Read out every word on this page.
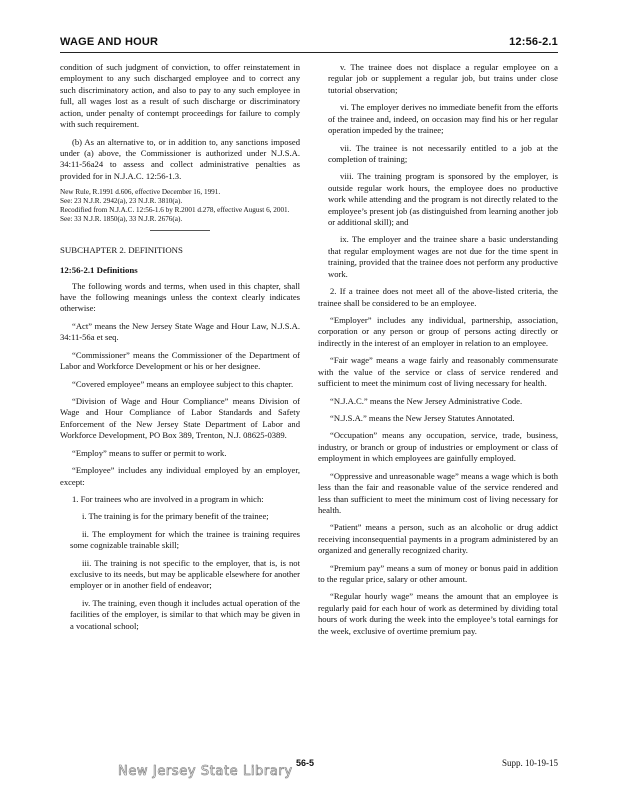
WAGE AND HOUR	12:56-2.1

condition of such judgment of conviction, to offer reinstatement in employment to any such discharged employee and to correct any such discriminatory action, and also to pay to any such employee in full, all wages lost as a result of such discharge or discriminatory action, under penalty of contempt proceedings for failure to comply with such requirement.

(b) As an alternative to, or in addition to, any sanctions imposed under (a) above, the Commissioner is authorized under N.J.S.A. 34:11-56a24 to assess and collect administrative penalties as provided for in N.J.A.C. 12:56-1.3.

New Rule, R.1991 d.606, effective December 16, 1991.
See: 23 N.J.R. 2942(a), 23 N.J.R. 3810(a).
Recodified from N.J.A.C. 12:56-1.6 by R.2001 d.278, effective August 6, 2001.
See: 33 N.J.R. 1850(a), 33 N.J.R. 2676(a).
SUBCHAPTER 2. DEFINITIONS
12:56-2.1 Definitions

The following words and terms, when used in this chapter, shall have the following meanings unless the context clearly indicates otherwise:

“Act” means the New Jersey State Wage and Hour Law, N.J.S.A. 34:11-56a et seq.

“Commissioner” means the Commissioner of the Department of Labor and Workforce Development or his or her designee.

“Covered employee” means an employee subject to this chapter.

“Division of Wage and Hour Compliance” means Division of Wage and Hour Compliance of Labor Standards and Safety Enforcement of the New Jersey State Department of Labor and Workforce Development, PO Box 389, Trenton, N.J. 08625-0389.

“Employ” means to suffer or permit to work.

“Employee” includes any individual employed by an employer, except:

1. For trainees who are involved in a program in which:

i. The training is for the primary benefit of the trainee;

ii. The employment for which the trainee is training requires some cognizable trainable skill;

iii. The training is not specific to the employer, that is, is not exclusive to its needs, but may be applicable elsewhere for another employer or in another field of endeavor;

iv. The training, even though it includes actual operation of the facilities of the employer, is similar to that which may be given in a vocational school;

v. The trainee does not displace a regular employee on a regular job or supplement a regular job, but trains under close tutorial observation;

vi. The employer derives no immediate benefit from the efforts of the trainee and, indeed, on occasion may find his or her regular operation impeded by the trainee;

vii. The trainee is not necessarily entitled to a job at the completion of training;

viii. The training program is sponsored by the employer, is outside regular work hours, the employee does no productive work while attending and the program is not directly related to the employee’s present job (as distinguished from learning another job or additional skill); and

ix. The employer and the trainee share a basic understanding that regular employment wages are not due for the time spent in training, provided that the trainee does not perform any productive work.

2. If a trainee does not meet all of the above-listed criteria, the trainee shall be considered to be an employee.

“Employer” includes any individual, partnership, association, corporation or any person or group of persons acting directly or indirectly in the interest of an employer in relation to an employee.

“Fair wage” means a wage fairly and reasonably commensurate with the value of the service or class of service rendered and sufficient to meet the minimum cost of living necessary for health.

“N.J.A.C.” means the New Jersey Administrative Code.

“N.J.S.A.” means the New Jersey Statutes Annotated.

“Occupation” means any occupation, service, trade, business, industry, or branch or group of industries or employment or class of employment in which employees are gainfully employed.

“Oppressive and unreasonable wage” means a wage which is both less than the fair and reasonable value of the service rendered and less than sufficient to meet the minimum cost of living necessary for health.

“Patient” means a person, such as an alcoholic or drug addict receiving inconsequential payments in a program administered by an organized and generally recognized charity.

“Premium pay” means a sum of money or bonus paid in addition to the regular price, salary or other amount.

“Regular hourly wage” means the amount that an employee is regularly paid for each hour of work as determined by dividing total hours of work during the week into the employee’s total earnings for the week, exclusive of overtime premium pay.

New Jersey State Library
56-5	Supp. 10-19-15
